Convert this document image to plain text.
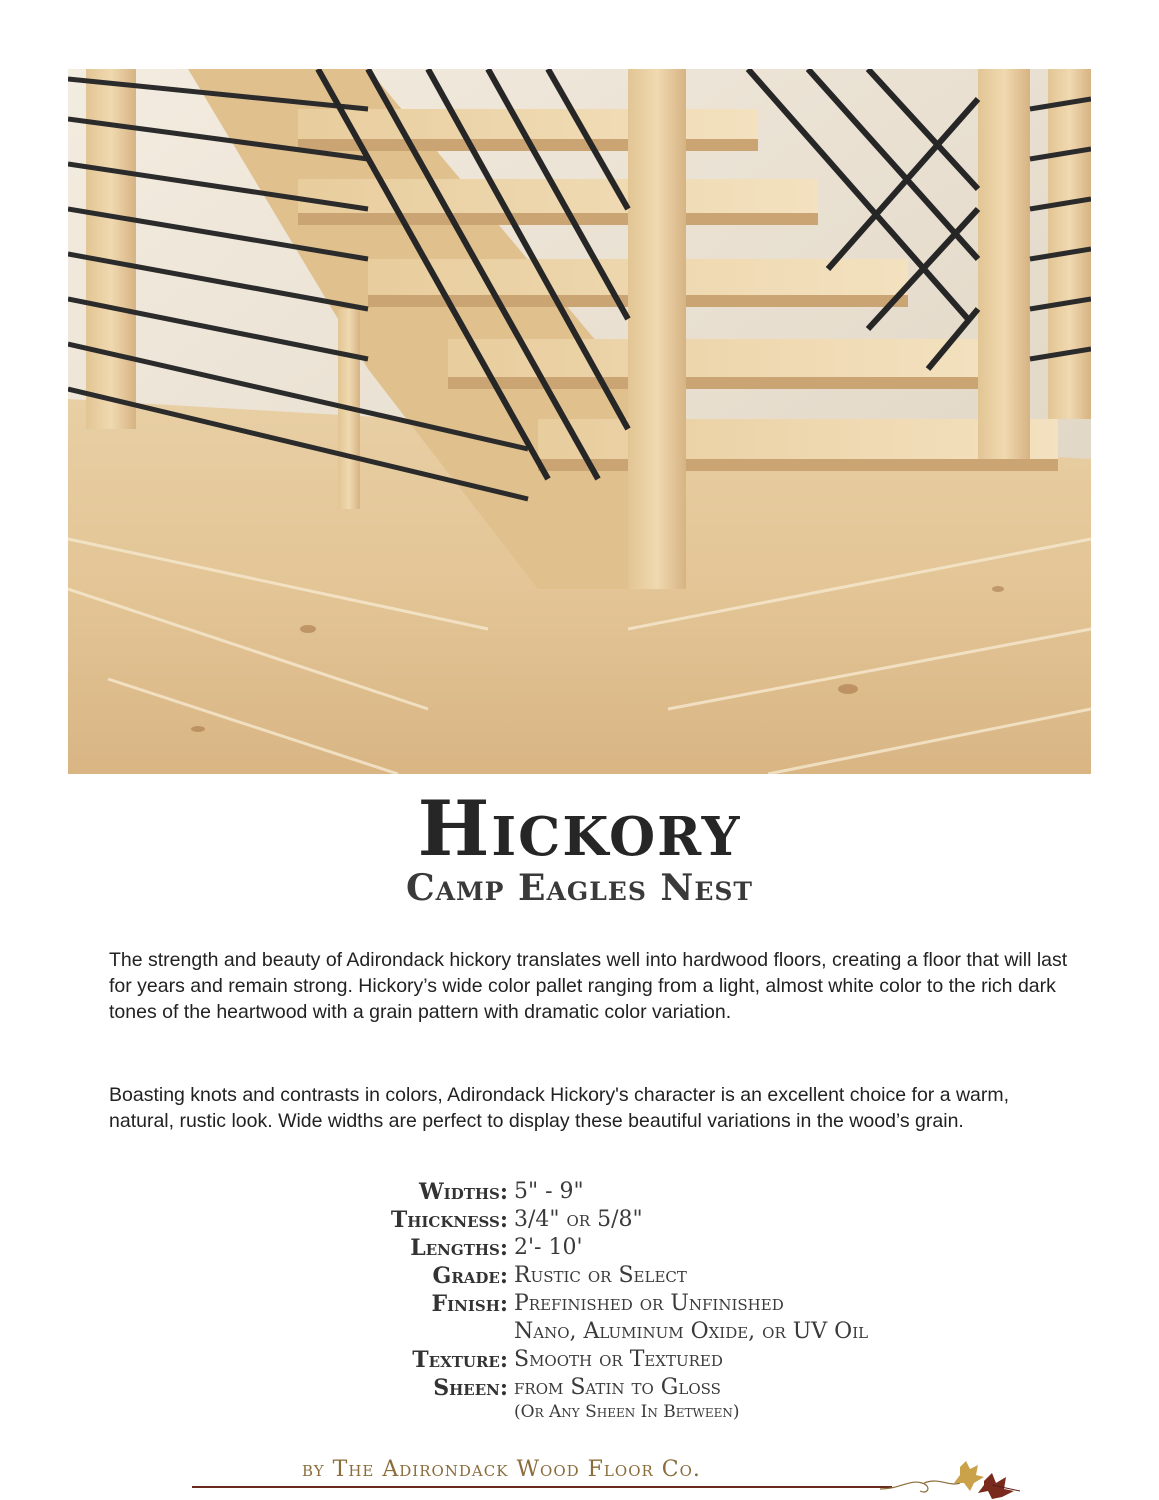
Hickory
Camp Eagles Nest

The strength and beauty of Adirondack hickory translates well into hardwood floors, creating a floor that will last for years and remain strong. Hickory’s wide color pallet ranging from a light, almost white color to the rich dark tones of the heartwood with a grain pattern with dramatic color variation.

Boasting knots and contrasts in colors, Adirondack Hickory's character is an excellent choice for a warm, natural, rustic look. Wide widths are perfect to display these beautiful variations in the wood’s grain.

Widths: 5" - 9"
Thickness: 3/4" or 5/8"
Lengths: 2'- 10'
Grade: Rustic or Select
Finish: Prefinished or Unfinished
Nano, Aluminum Oxide, or UV Oil
Texture: Smooth or Textured
Sheen: from Satin to Gloss
(Or Any Sheen In Between)
by The Adirondack Wood Floor Co.
